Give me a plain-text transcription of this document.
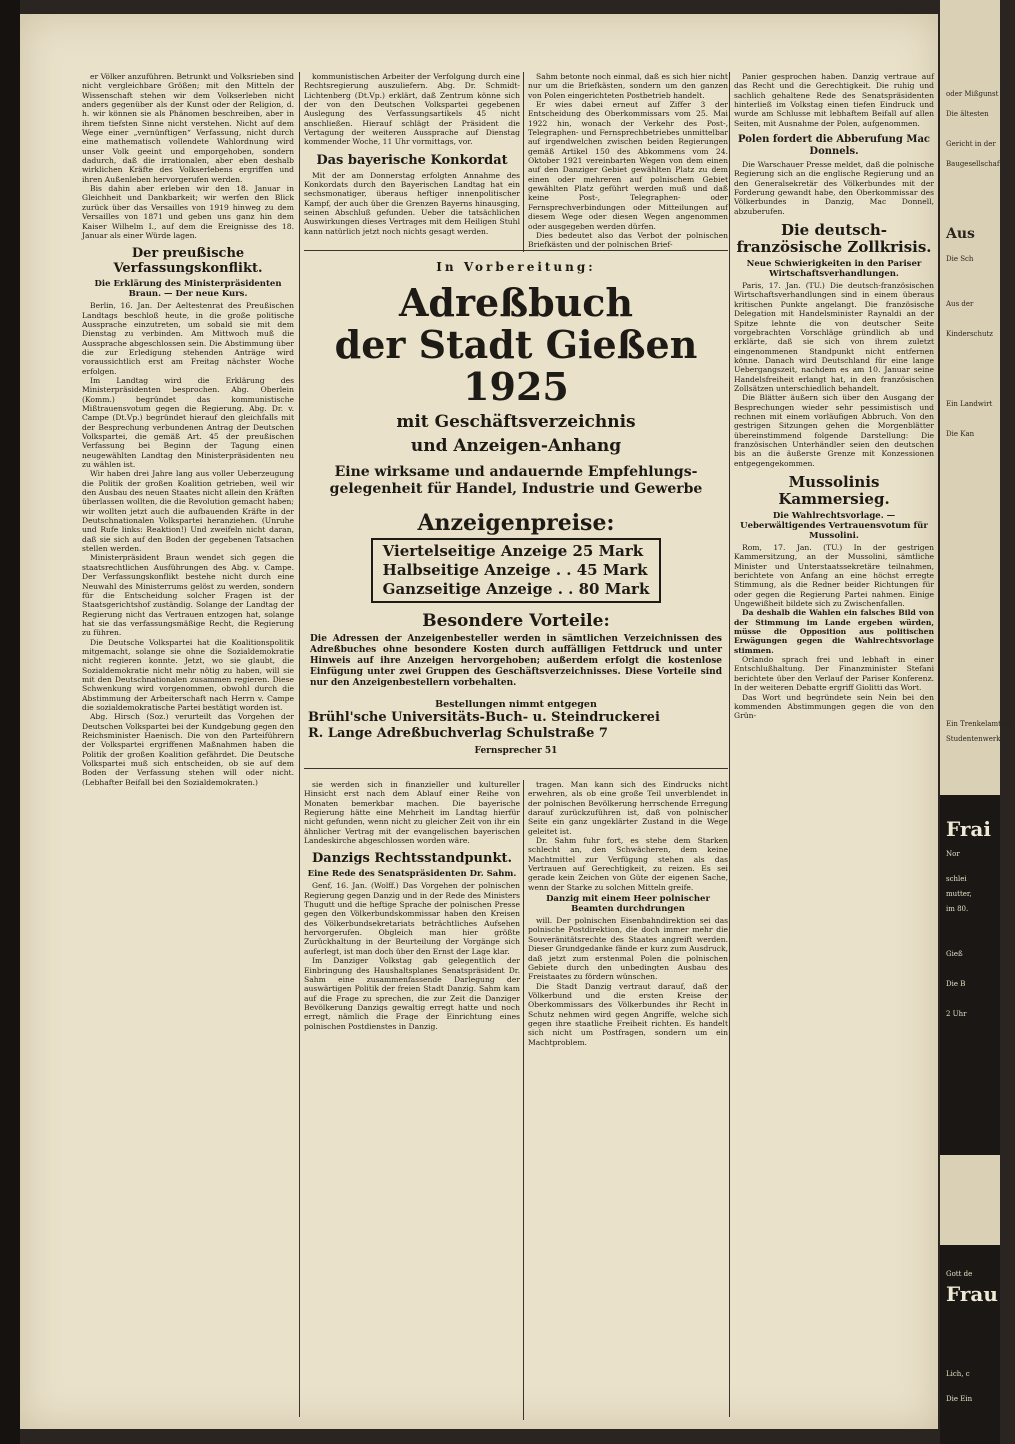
er Völker anzuführen. Betrunkt und Volksrieben sind nicht vergleichbare Größen; mit den Mitteln der Wissenschaft stehen wir dem Volkserleben nicht anders gegenüber als der Kunst oder der Religion, d. h. wir können sie als Phänomen beschreiben, aber in ihrem tiefsten Sinne nicht verstehen. Nicht auf dem Wege einer „vernünftigen“ Verfassung, nicht durch eine mathematisch vollendete Wahlordnung wird unser Volk geeint und emporgehoben, sondern dadurch, daß die irrationalen, aber eben deshalb wirklichen Kräfte des Volkserlebens ergriffen und ihren Außenleben hervorgerufen werden.

Bis dahin aber erleben wir den 18. Januar in Gleichheit und Dankbarkeit; wir werfen den Blick zurück über das Versailles von 1919 hinweg zu dem Versailles von 1871 und geben uns ganz hin dem Kaiser Wilhelm I., auf dem die Ereignisse des 18. Januar als einer Würde lagen.

Der preußische Verfassungskonflikt.
Die Erklärung des Ministerpräsidenten Braun. — Der neue Kurs.

Berlin, 16. Jan. Der Aeltestenrat des Preußischen Landtags beschloß heute, in die große politische Aussprache einzutreten, um sobald sie mit dem Dienstag zu verbinden. Am Mittwoch muß die Aussprache abgeschlossen sein. Die Abstimmung über die zur Erledigung stehenden Anträge wird voraussichtlich erst am Freitag nächster Woche erfolgen.

Im Landtag wird die Erklärung des Ministerpräsidenten besprochen. Abg. Oberlein (Komm.) begründet das kommunistische Mißtrauensvotum gegen die Regierung. Abg. Dr. v. Campe (Dt.Vp.) begründet hierauf den gleichfalls mit der Besprechung verbundenen Antrag der Deutschen Volkspartei, die gemäß Art. 45 der preußischen Verfassung bei Beginn der Tagung einen neugewählten Landtag den Ministerpräsidenten neu zu wählen ist.

Wir haben drei Jahre lang aus voller Ueberzeugung die Politik der großen Koalition getrieben, weil wir den Ausbau des neuen Staates nicht allein den Kräften überlassen wollten, die die Revolution gemacht haben; wir wollten jetzt auch die aufbauenden Kräfte in der Deutschnationalen Volkspartei heranziehen. (Unruhe und Rufe links: Reaktion!) Und zweifeln nicht daran, daß sie sich auf den Boden der gegebenen Tatsachen stellen werden.

Ministerpräsident Braun wendet sich gegen die staatsrechtlichen Ausführungen des Abg. v. Campe. Der Verfassungskonflikt bestehe nicht durch eine Neuwahl des Ministerrums gelöst zu werden, sondern für die Entscheidung solcher Fragen ist der Staatsgerichtshof zuständig. Solange der Landtag der Regierung nicht das Vertrauen entzogen hat, solange hat sie das verfassungsmäßige Recht, die Regierung zu führen.

Die Deutsche Volkspartei hat die Koalitionspolitik mitgemacht, solange sie ohne die Sozialdemokratie nicht regieren konnte. Jetzt, wo sie glaubt, die Sozialdemokratie nicht mehr nötig zu haben, will sie mit den Deutschnationalen zusammen regieren. Diese Schwenkung wird vorgenommen, obwohl durch die Abstimmung der Arbeiterschaft nach Herrn v. Campe die sozialdemokratische Partei bestätigt worden ist.

Abg. Hirsch (Soz.) verurteilt das Vorgehen der Deutschen Volkspartei bei der Kundgebung gegen den Reichsminister Haenisch. Die von den Parteiführern der Volkspartei ergriffenen Maßnahmen haben die Politik der großen Koalition gefährdet. Die Deutsche Volkspartei muß sich entscheiden, ob sie auf dem Boden der Verfassung stehen will oder nicht. (Lebhafter Beifall bei den Sozialdemokraten.)

kommunistischen Arbeiter der Verfolgung durch eine Rechtsregierung auszuliefern. Abg. Dr. Schmidt-Lichtenberg (Dt.Vp.) erklärt, daß Zentrum könne sich der von den Deutschen Volkspartei gegebenen Auslegung des Verfassungsartikels 45 nicht anschließen. Hierauf schlägt der Präsident die Vertagung der weiteren Aussprache auf Dienstag kommender Woche, 11 Uhr vormittags, vor.

Das bayerische Konkordat

Mit der am Donnerstag erfolgten Annahme des Konkordats durch den Bayerischen Landtag hat ein sechsmonatiger, überaus heftiger innenpolitischer Kampf, der auch über die Grenzen Bayerns hinausging, seinen Abschluß gefunden. Ueber die tatsächlichen Auswirkungen dieses Vertrages mit dem Heiligen Stuhl kann natürlich jetzt noch nichts gesagt werden.

Sahm betonte noch einmal, daß es sich hier nicht nur um die Briefkästen, sondern um den ganzen von Polen eingerichteten Postbetrieb handelt.

Er wies dabei erneut auf Ziffer 3 der Entscheidung des Oberkommissars vom 25. Mai 1922 hin, wonach der Verkehr des Post-, Telegraphen- und Fernsprechbetriebes unmittelbar auf irgendwelchen zwischen beiden Regierungen gemäß Artikel 150 des Abkommens vom 24. Oktober 1921 vereinbarten Wegen von dem einen auf den Danziger Gebiet gewählten Platz zu dem einen oder mehreren auf polnischem Gebiet gewählten Platz geführt werden muß und daß keine Post-, Telegraphen- oder Fernsprechverbindungen oder Mitteilungen auf diesem Wege oder diesen Wegen angenommen oder ausgegeben werden dürfen.

Dies bedeutet also das Verbot der polnischen Briefkästen und der polnischen Brief-

In Vorbereitung:
Adreßbuch
der Stadt Gießen 1925
mit Geschäftsverzeichnis
und Anzeigen-Anhang
Eine wirksame und andauernde Empfehlungs-
gelegenheit für Handel, Industrie und Gewerbe
Anzeigenpreise:
Viertelseitige Anzeige 25 Mark
Halbseitige Anzeige . . 45 Mark
Ganzseitige Anzeige . . 80 Mark
Besondere Vorteile:
Die Adressen der Anzeigenbesteller werden in sämtlichen Verzeichnissen des Adreßbuches ohne besondere Kosten durch auffälligen Fettdruck und unter Hinweis auf ihre Anzeigen hervorgehoben; außerdem erfolgt die kostenlose Einfügung unter zwei Gruppen des Geschäftsverzeichnisses. Diese Vorteile sind nur den Anzeigenbestellern vorbehalten.
Bestellungen nimmt entgegen
Brühl'sche Universitäts-Buch- u. Steindruckerei
R. Lange Adreßbuchverlag Schulstraße 7
Fernsprecher 51

sie werden sich in finanzieller und kultureller Hinsicht erst nach dem Ablauf einer Reihe von Monaten bemerkbar machen. Die bayerische Regierung hätte eine Mehrheit im Landtag hierfür nicht gefunden, wenn nicht zu gleicher Zeit von ihr ein ähnlicher Vertrag mit der evangelischen bayerischen Landeskirche abgeschlossen worden wäre.

Danzigs Rechtsstandpunkt.
Eine Rede des Senatspräsidenten Dr. Sahm.

Genf, 16. Jan. (Wolff.) Das Vorgehen der polnischen Regierung gegen Danzig und in der Rede des Ministers Thugutt und die heftige Sprache der polnischen Presse gegen den Völkerbundskommissar haben den Kreisen des Völkerbundsekretariats beträchtliches Aufsehen hervorgerufen. Obgleich man hier größte Zurückhaltung in der Beurteilung der Vorgänge sich auferlegt, ist man doch über den Ernst der Lage klar.

Im Danziger Volkstag gab gelegentlich der Einbringung des Haushaltsplanes Senatspräsident Dr. Sahm eine zusammenfassende Darlegung der auswärtigen Politik der freien Stadt Danzig. Sahm kam auf die Frage zu sprechen, die zur Zeit die Danziger Bevölkerung Danzigs gewaltig erregt hatte und noch erregt, nämlich die Frage der Einrichtung eines polnischen Postdienstes in Danzig.

tragen. Man kann sich des Eindrucks nicht erwehren, als ob eine große Teil unverblendet in der polnischen Bevölkerung herrschende Erregung darauf zurückzuführen ist, daß von polnischer Seite ein ganz ungeklärter Zustand in die Wege geleitet ist.

Dr. Sahm fuhr fort, es stehe dem Starken schlecht an, den Schwächeren, dem keine Machtmittel zur Verfügung stehen als das Vertrauen auf Gerechtigkeit, zu reizen. Es sei gerade kein Zeichen von Güte der eigenen Sache, wenn der Starke zu solchen Mitteln greife.

Danzig mit einem Heer polnischer Beamten durchdrungen

will. Der polnischen Eisenbahndirektion sei das polnische Postdirektion, die doch immer mehr die Souveränitätsrechte des Staates angreift werden. Dieser Grundgedanke fände er kurz zum Ausdruck, daß jetzt zum erstenmal Polen die polnischen Gebiete durch den unbedingten Ausbau des Freistaates zu fördern wünschen.

Die Stadt Danzig vertraut darauf, daß der Völkerbund und die ersten Kreise der Oberkommissars des Völkerbundes ihr Recht in Schutz nehmen wird gegen Angriffe, welche sich gegen ihre staatliche Freiheit richten. Es handelt sich nicht um Postfragen, sondern um ein Machtproblem.

Panier gesprochen haben. Danzig vertraue auf das Recht und die Gerechtigkeit. Die ruhig und sachlich gehaltene Rede des Senatspräsidenten hinterließ im Volkstag einen tiefen Eindruck und wurde am Schlusse mit lebhaftem Beifall auf allen Seiten, mit Ausnahme der Polen, aufgenommen.

Polen fordert die Abberufung Mac Donnels.

Die Warschauer Presse meldet, daß die polnische Regierung sich an die englische Regierung und an den Generalsekretär des Völkerbundes mit der Forderung gewandt habe, den Oberkommissar des Völkerbundes in Danzig, Mac Donnell, abzuberufen.

Die deutsch-französische Zollkrisis.
Neue Schwierigkeiten in den Pariser Wirtschaftsverhandlungen.

Paris, 17. Jan. (TU.) Die deutsch-französischen Wirtschaftsverhandlungen sind in einem überaus kritischen Punkte angelangt. Die französische Delegation mit Handelsminister Raynaldi an der Spitze lehnte die von deutscher Seite vorgebrachten Vorschläge gründlich ab und erklärte, daß sie sich von ihrem zuletzt eingenommenen Standpunkt nicht entfernen könne. Danach wird Deutschland für eine lange Uebergangszeit, nachdem es am 10. Januar seine Handelsfreiheit erlangt hat, in den französischen Zollsätzen unterschiedlich behandelt.

Die Blätter äußern sich über den Ausgang der Besprechungen wieder sehr pessimistisch und rechnen mit einem vorläufigen Abbruch. Von den gestrigen Sitzungen gehen die Morgenblätter übereinstimmend folgende Darstellung: Die französischen Unterhändler seien den deutschen bis an die äußerste Grenze mit Konzessionen entgegengekommen.

Mussolinis Kammersieg.
Die Wahlrechtsvorlage. — Ueberwältigendes Vertrauensvotum für Mussolini.

Rom, 17. Jan. (TU.) In der gestrigen Kammersitzung, an der Mussolini, sämtliche Minister und Unterstaatssekretäre teilnahmen, berichtete von Anfang an eine höchst erregte Stimmung, als die Redner beider Richtungen für oder gegen die Regierung Partei nahmen. Einige Ungewißheit bildete sich zu Zwischenfallen.

Da deshalb die Wahlen ein falsches Bild von der Stimmung im Lande ergeben würden, müsse die Opposition aus politischen Erwägungen gegen die Wahlrechtsvorlage stimmen.

Orlando sprach frei und lebhaft in einer Entschlußhaltung. Der Finanzminister Stefani berichtete über den Verlauf der Pariser Konferenz. In der weiteren Debatte ergriff Giolitti das Wort.

Das Wort und begründete sein Nein bei den kommenden Abstimmungen gegen die von den Grün-

oder Mißgunst
Die ältesten
Gericht in der
Baugesellschaft
Aus
Die Sch
Aus der
Kinderschutz
Ein Landwirt
Die Kan
Ein Trenkelamtung
Studentenwerk
Frai
Nor
schlei
mutter,
im 80.
Gieß
Die B
2 Uhr
Gott de
Frau
Lich, c
Die Ein
